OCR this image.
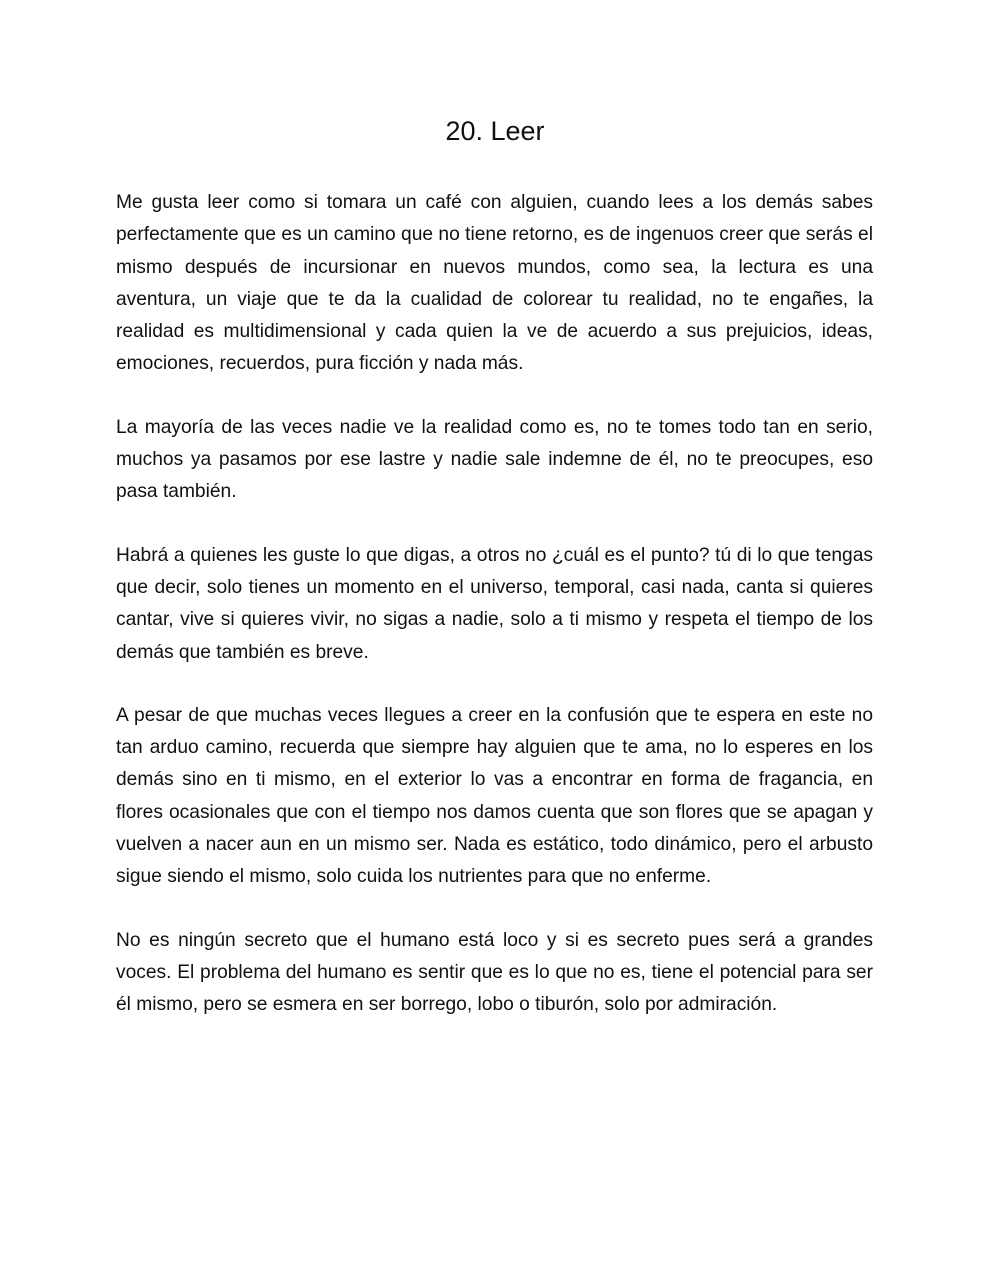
20. Leer

Me gusta leer como si tomara un café con alguien, cuando lees a los demás sabes perfectamente que es un camino que no tiene retorno, es de ingenuos creer que serás el mismo después de incursionar en nuevos mundos, como sea, la lectura es una aventura, un viaje que te da la cualidad de colorear tu realidad, no te engañes, la realidad es multidimensional y cada quien la ve de acuerdo a sus prejuicios, ideas, emociones, recuerdos, pura ficción y nada más.

La mayoría de las veces nadie ve la realidad como es, no te tomes todo tan en serio, muchos ya pasamos por ese lastre y nadie sale indemne de él, no te preocupes, eso pasa también.

Habrá a quienes les guste lo que digas, a otros no ¿cuál es el punto? tú di lo que tengas que decir, solo tienes un momento en el universo, temporal, casi nada, canta si quieres cantar, vive si quieres vivir, no sigas a nadie, solo a ti mismo y respeta el tiempo de los demás que también es breve.

A pesar de que muchas veces llegues a creer en la confusión que te espera en este no tan arduo camino, recuerda que siempre hay alguien que te ama, no lo esperes en los demás sino en ti mismo, en el exterior lo vas a encontrar en forma de fragancia, en flores ocasionales que con el tiempo nos damos cuenta que son flores que se apagan y vuelven a nacer aun en un mismo ser. Nada es estático, todo dinámico, pero el arbusto sigue siendo el mismo, solo cuida los nutrientes para que no enferme.

No es ningún secreto que el humano está loco y si es secreto pues será a grandes voces. El problema del humano es sentir que es lo que no es, tiene el potencial para ser él mismo, pero se esmera en ser borrego, lobo o tiburón, solo por admiración.
